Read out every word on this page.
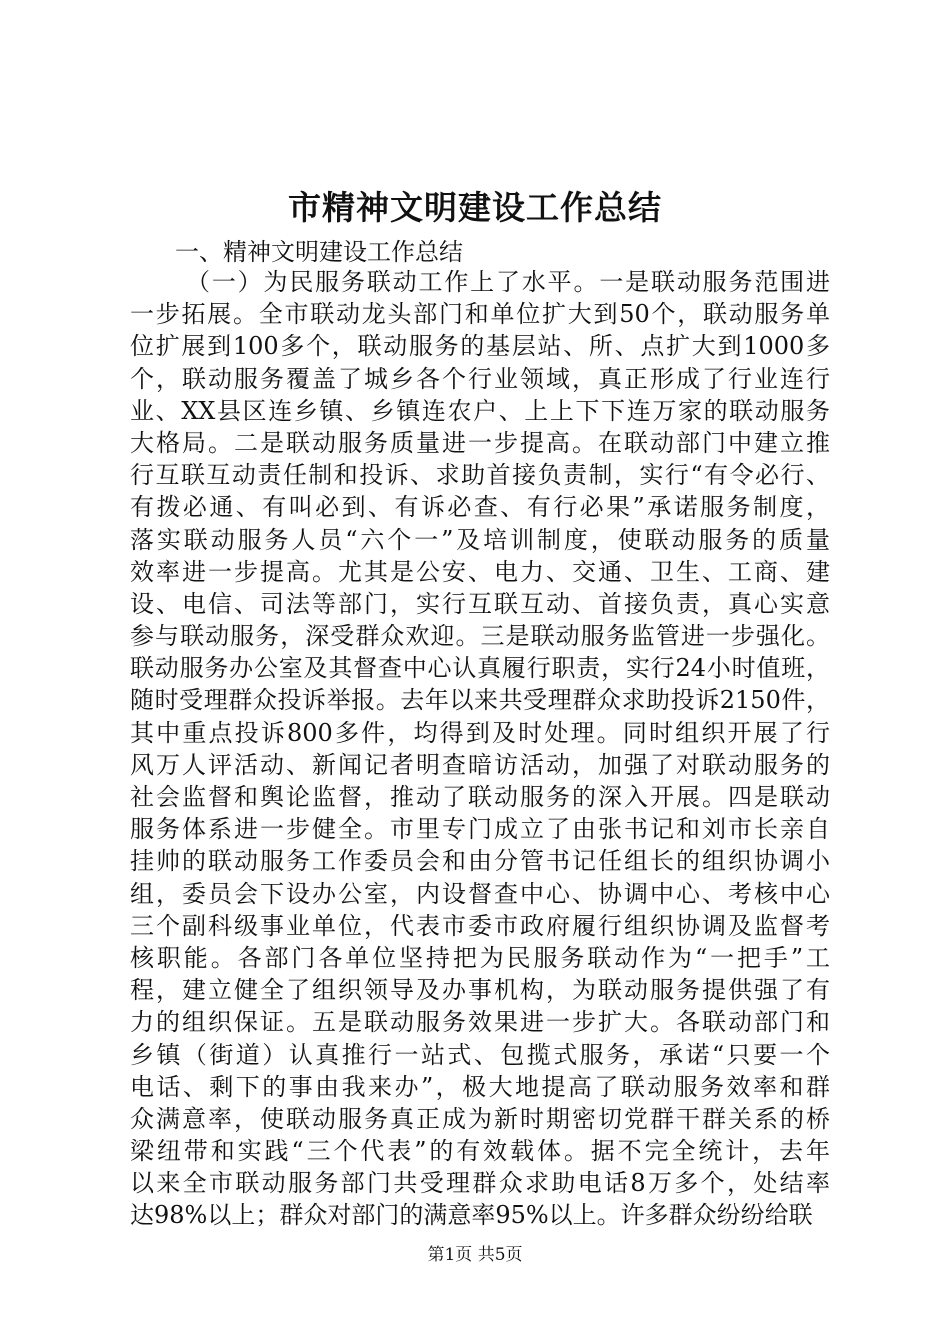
市精神文明建设工作总结

一、精神文明建设工作总结

（一）为民服务联动工作上了水平。一是联动服务范围进
一步拓展。全市联动龙头部门和单位扩大到50个，联动服务单
位扩展到100多个，联动服务的基层站、所、点扩大到1000多
个，联动服务覆盖了城乡各个行业领域，真正形成了行业连行
业、XX县区连乡镇、乡镇连农户、上上下下连万家的联动服务
大格局。二是联动服务质量进一步提高。在联动部门中建立推
行互联互动责任制和投诉、求助首接负责制，实行“有令必行、
有拨必通、有叫必到、有诉必查、有行必果”承诺服务制度，
落实联动服务人员“六个一”及培训制度，使联动服务的质量
效率进一步提高。尤其是公安、电力、交通、卫生、工商、建
设、电信、司法等部门，实行互联互动、首接负责，真心实意
参与联动服务，深受群众欢迎。三是联动服务监管进一步强化。
联动服务办公室及其督查中心认真履行职责，实行24小时值班，
随时受理群众投诉举报。去年以来共受理群众求助投诉2150件，
其中重点投诉800多件，均得到及时处理。同时组织开展了行
风万人评活动、新闻记者明查暗访活动，加强了对联动服务的
社会监督和舆论监督，推动了联动服务的深入开展。四是联动
服务体系进一步健全。市里专门成立了由张书记和刘市长亲自
挂帅的联动服务工作委员会和由分管书记任组长的组织协调小
组，委员会下设办公室，内设督查中心、协调中心、考核中心
三个副科级事业单位，代表市委市政府履行组织协调及监督考
核职能。各部门各单位坚持把为民服务联动作为“一把手”工
程，建立健全了组织领导及办事机构，为联动服务提供强了有
力的组织保证。五是联动服务效果进一步扩大。各联动部门和
乡镇（街道）认真推行一站式、包揽式服务，承诺“只要一个
电话、剩下的事由我来办”，极大地提高了联动服务效率和群
众满意率，使联动服务真正成为新时期密切党群干群关系的桥
梁纽带和实践“三个代表”的有效载体。据不完全统计，去年
以来全市联动服务部门共受理群众求助电话8万多个，处结率
达98%以上；群众对部门的满意率95%以上。许多群众纷纷给联

第1页 共5页
